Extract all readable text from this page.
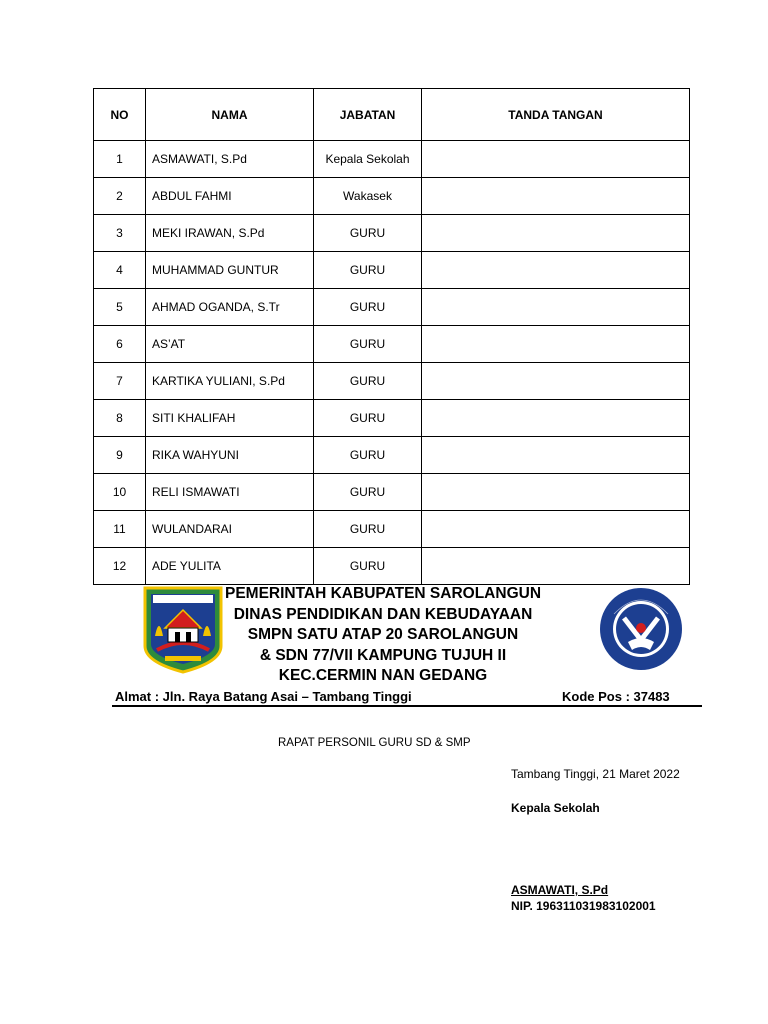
NO	NAMA	JABATAN	TANDA TANGAN
1	ASMAWATI, S.Pd	Kepala Sekolah	
2	ABDUL FAHMI	Wakasek	
3	MEKI IRAWAN, S.Pd	GURU	
4	MUHAMMAD GUNTUR	GURU	
5	AHMAD OGANDA, S.Tr	GURU	
6	AS’AT	GURU	
7	KARTIKA YULIANI, S.Pd	GURU	
8	SITI KHALIFAH	GURU	
9	RIKA WAHYUNI	GURU	
10	RELI ISMAWATI	GURU	
11	WULANDARAI	GURU	
12	ADE YULITA	GURU	
PEMERINTAH KABUPATEN SAROLANGUN
DINAS PENDIDIKAN DAN KEBUDAYAAN
SMPN SATU ATAP 20 SAROLANGUN
& SDN 77/VII KAMPUNG TUJUH II
KEC.CERMIN NAN GEDANG
Almat : Jln. Raya Batang Asai – Tambang Tinggi	Kode Pos : 37483
RAPAT PERSONIL GURU SD & SMP
Tambang Tinggi, 21 Maret 2022
Kepala Sekolah
ASMAWATI, S.Pd
NIP. 196311031983102001
